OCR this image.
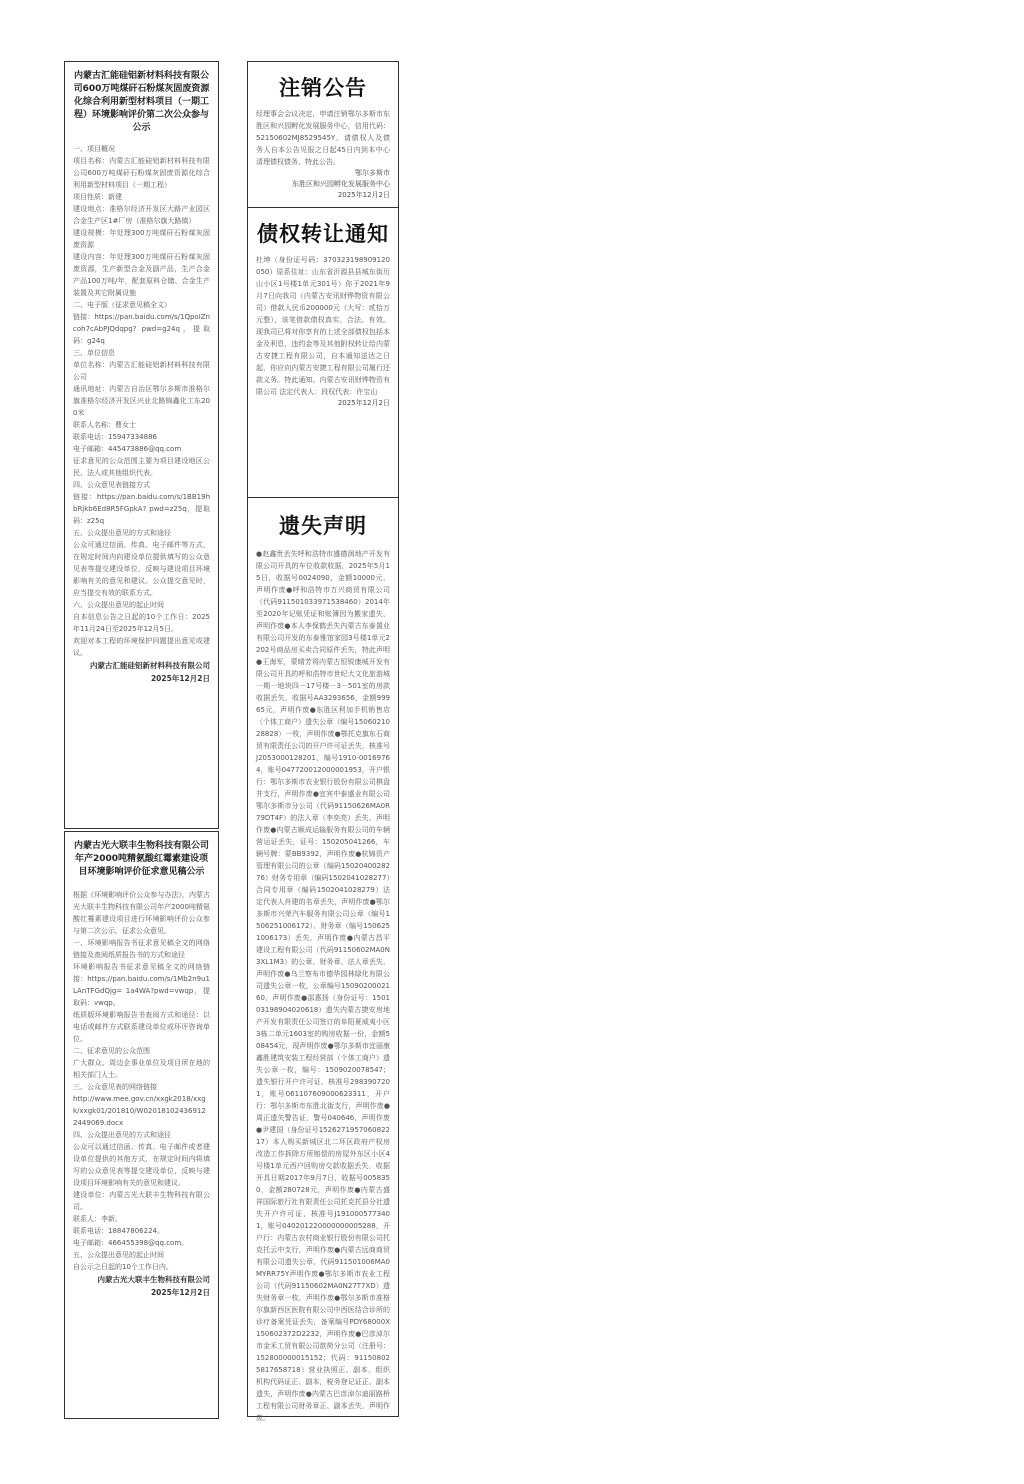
内蒙古汇能硅铝新材料科技有限公司600万吨煤矸石粉煤灰固废资源化综合利用新型材料项目（一期工程）环境影响评价第二次公众参与公示
一、项目概况
项目名称：内蒙古汇能硅铝新材料科技有限公司600万吨煤矸石粉煤灰固废资源化综合利用新型材料项目（一期工程）
项目性质：新建
建设地点：准格尔经济开发区大路产业园区合金生产区1#厂房（准格尔旗大路镇）
建设规模：年处理300万吨煤矸石粉煤灰固废资源
建设内容：年处理300万吨煤矸石粉煤灰固废资源，生产新型合金及副产品，生产合金产品100万吨/年，配套原料仓储、合金生产装置及其它附属设施
二、电子版（征求意见稿全文）
链接：https://pan.baidu.com/s/1QpoIZncoh7cAbPJQdqpg? pwd=g24q，提取码：g24q
三、单位信息
单位名称：内蒙古汇能硅铝新材料科技有限公司
通讯地址：内蒙古自治区鄂尔多斯市准格尔旗准格尔经济开发区兴业北路锦鑫化工东200米
联系人名称：曹女士
联系电话：15947334886
电子邮箱：445473886@qq.com
征求意见的公众范围主要为项目建设地区公民、法人或其他组织代表。
四、公众意见表链接方式
链接：https://pan.baidu.com/s/1BB19hbRjkb6Ed8R5FGpkA? pwd=z25q，提取码：z25q
五、公众提出意见的方式和途径
公众可通过信函、传真、电子邮件等方式，在规定时间内向建设单位提供填写的公众意见表等提交建设单位，反映与建设项目环境影响有关的意见和建议。公众提交意见时，应当提交有效的联系方式。
六、公众提出意见的起止时间
自本信息公告之日起的10个工作日：2025年11月24日至2025年12月5日。
欢迎对本工程的环境保护问题提出意见或建议。
内蒙古汇能硅铝新材料科技有限公司
2025年12月2日
内蒙古光大联丰生物科技有限公司年产2000吨精氨酸红霉素建设项目环境影响评价征求意见稿公示
根据《环境影响评价公众参与办法》，内蒙古光大联丰生物科技有限公司年产2000吨精氨酸红霉素建设项目进行环境影响评价公众参与第二次公示，征求公众意见。
一、环境影响报告书征求意见稿全文的网络链接及查阅纸质报告书的方式和途径
环境影响报告书征求意见稿全文的网络链接：https://pan.baidu.com/s/1Mb2n9u1LAnTFGdQjg= 1a4WA?pwd=vwqp，提取码：vwqp。
纸质版环境影响报告书查阅方式和途径：以电话或邮件方式联系建设单位或环评咨询单位。
二、征求意见的公众范围
广大群众、周边企事业单位及项目所在地的相关部门人士。
三、公众意见表的网络链接
http://www.mee.gov.cn/xxgk2018/xxgk/xxgk01/201810/W020181024369122449069.docx
四、公众提出意见的方式和途径
公众可以通过信函、传真、电子邮件或者建设单位提供的其他方式，在规定时间内将填写的公众意见表等提交建设单位，反映与建设项目环境影响有关的意见和建议。
建设单位：内蒙古光大联丰生物科技有限公司。
联系人：李新。
联系电话：18847806224。
电子邮箱：466455398@qq.com。
五、公众提出意见的起止时间
自公示之日起的10个工作日内。
内蒙古光大联丰生物科技有限公司
2025年12月2日
注销公告
经理事会会议决定，申请注销鄂尔多斯市东胜区和兴园孵化发展服务中心，信用代码：52150602MJ8529545Y，请债权人及债务人自本公告见报之日起45日内到本中心清理债权债务。特此公告。
鄂尔多斯市
东胜区和兴园孵化发展服务中心
2025年12月2日
债权转让通知
杜坤（身份证号码：370323198909120050）原系住址：山东省沂源县县城东街历山小区1号楼1单元301号）你于2021年9月7日向我司（内蒙古安讯财铧物资有限公司）借款人民币200000元（大写：贰拾万元整），该笔借款债权真实、合法、有效。现我司已将对你享有的上述全部债权包括本金及利息，违约金等及其他附权转让给内蒙古安捷工程有限公司，自本通知送达之日起，你应向内蒙古安捷工程有限公司履行还款义务。特此通知。内蒙古安讯财铧物资有限公司 法定代表人：段权代表：许宝山
2025年12月2日
遗失声明
●赵鑫贵丢失呼和浩特市盛德润地产开发有限公司开具的车位收款收据，2025年5月15日，收据号0024090，金额10000元，声明作废●呼和浩特市万兴商贸有限公司（代码911501033971538460）2014年至2020年记账凭证和账簿因为搬家遗失，声明作废●本人李保鹤丢失内蒙古东泰置业有限公司开发的东泰雅馆家园3号楼1单元2202号商品房买卖合同原件丢失，特此声明●王海军，蒙晴芳将内蒙古恒锐康城开发有限公司开具的呼和浩特市世纪大文化旅游城一期一地块四－17号楼－3－501室的房款收据丢失，收据号AA3293656，金额99965元，声明作废●东胜区利加手机销售店（个体工商户）遗失公章（编号1506021028828）一枚，声明作废●鄂托克旗东石商贸有限责任公司的开户许可证丢失，核准号J2053000128201，编号1910-00169764，账号047720012000001953，开户银行：鄂尔多斯市农业银行股份有限公司棋盘井支行，声明作废●宜宾中泰盛业有限公司鄂尔多斯市分公司（代码91150626MA0R79DT4F）的法人章（李奕亮）丢失，声明作废●内蒙古顺成运输服务有限公司的车辆营运证丢失，证号：150205041266，车辆号牌：蒙BB9392，声明作废●杭锦资产管理有限公司的公章（编码1502040028276）财务专用章（编码1502041028277）合同专用章（编码1502041028279）法定代表人肖建的名章丢失，声明作废●鄂尔多斯市兴荣汽车服务有限公司公章（编号1506251006172）、财务章（编号1506251006173）丢失，声明作废●内蒙古昌平建设工程有限公司（代码91150602MA0N3XL1M3）的公章、财务章、法人章丢失，声明作废●乌兰察布市德华园林绿化有限公司遗失公章一枚，公章编号1509020002160，声明作废●邵惠扬（身份证号：150103198904020618）遗失内蒙古捷安房地产开发有限责任公司签订的阜阳夏威夷小区3栋二单元1603室的购房收据一份，金额508454元，现声明作废●鄂尔多斯市宜丽康鑫胜建筑安装工程经营部（个体工商户）遗失公章一枚，编号：1509020078547；遗失银行开户许可证，核准号2983907201，账号061107609000623311，开户行：鄂尔多斯市东胜北街支行，声明作废●周正遗失警告证，警号040646，声明作废●尹建国（身份证号152627195706082217）本人购买新城区北二环区政府产权房改造工作拆除方所赔偿的房屋外东区小区4号楼1单元西户回购房交款收据丢失，收据开具日期2017年9月7日，收据号0058350，金额280728元，声明作废●内蒙古盛祥国际旅行社有限责任公司托克托县分社遗失开户许可证，核准号J1910005773401，账号040201220000000005288，开户行：内蒙古农村商业银行股份有限公司托克托云中支行，声明作废●内蒙古远商商贸有限公司遗失公章，代码911501006MA0MYRR75Y声明作废●鄂尔多斯市农业工程公司（代码91150602MA0N27T7XD）遗失财务章一枚，声明作废●鄂尔多斯市准格尔旗新西区医院有限公司中西医结合诊所的诊疗备案凭证丢失，备案编号PDY68000X150602372D2232，声明作废●巴彦淖尔市金禾工贸有限公司歆荷分公司（注册号：152800000015152；代码：911508025817658718）营业执照正、副本，组织机构代码证正、副本，税务登记证正、副本遗失，声明作废●内蒙古巴彦淖尔迪丽路桥工程有限公司财务章正、副本丢失，声明作废。
